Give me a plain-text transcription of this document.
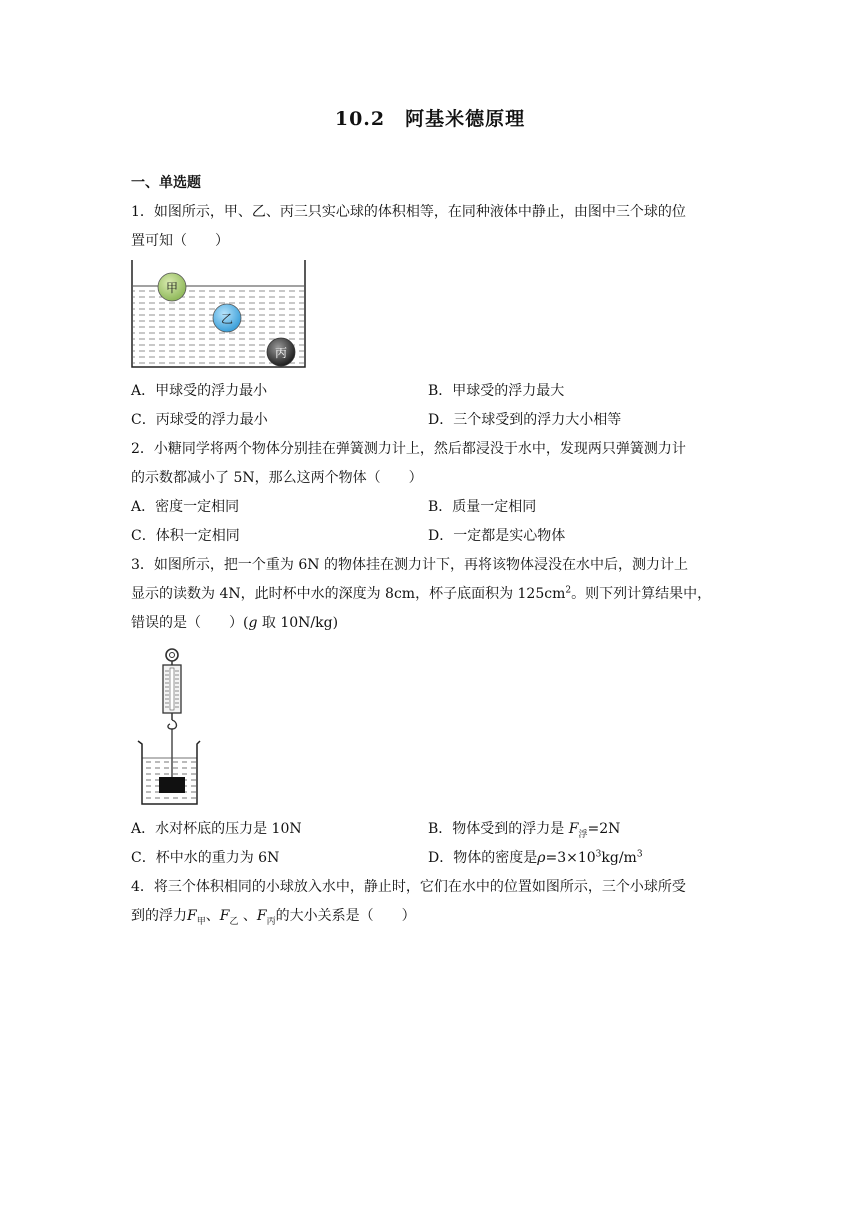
10.2　阿基米德原理
一、单选题
1．如图所示，甲、乙、丙三只实心球的体积相等，在同种液体中静止，由图中三个球的位
置可知（　　）
甲
乙
丙
A．甲球受的浮力最小	B．甲球受的浮力最大
C．丙球受的浮力最小	D．三个球受到的浮力大小相等
2．小糖同学将两个物体分别挂在弹簧测力计上，然后都浸没于水中，发现两只弹簧测力计
的示数都减小了 5N，那么这两个物体（　　）
A．密度一定相同	B．质量一定相同
C．体积一定相同	D．一定都是实心物体
3．如图所示，把一个重为 6N 的物体挂在测力计下，再将该物体浸没在水中后，测力计上
显示的读数为 4N，此时杯中水的深度为 8cm，杯子底面积为 $125cm^2$。则下列计算结果中，
错误的是（　　）(g 取 10N/kg)
A．水对杯底的压力是 10N	B．物体受到的浮力是 $F_浮=2N$
C．杯中水的重力为 6N	D．物体的密度是$\rho=3\times 10^3kg/m^3$
4．将三个体积相同的小球放入水中，静止时，它们在水中的位置如图所示，三个小球所受
到的浮力$F_甲$、$F_乙$ 、$F_丙$的大小关系是（　　）
